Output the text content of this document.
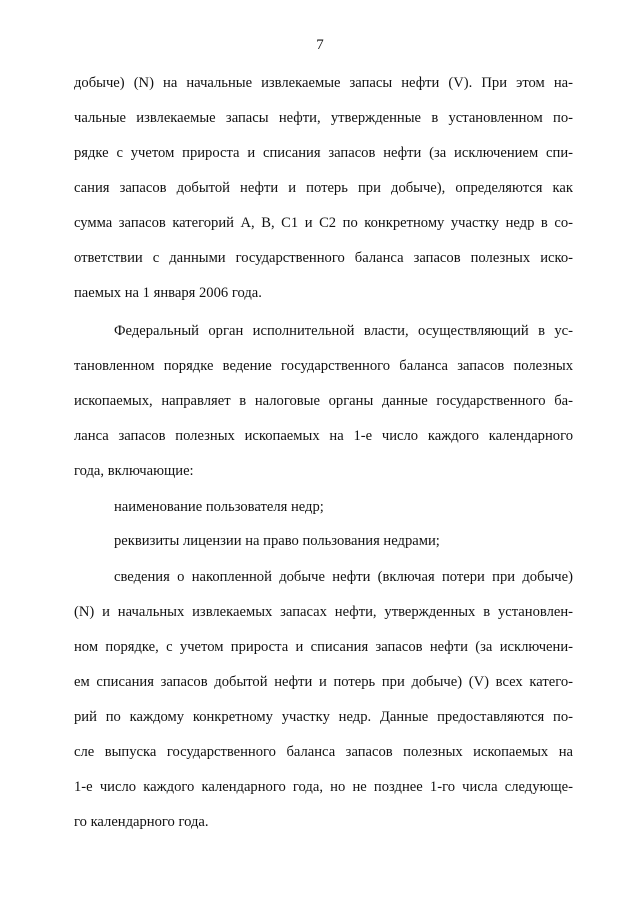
7
добыче) (N) на начальные извлекаемые запасы нефти (V). При этом на-
чальные извлекаемые запасы нефти, утвержденные в установленном по-
рядке с учетом прироста и списания запасов нефти (за исключением спи-
сания запасов добытой нефти и потерь при добыче), определяются как
сумма запасов категорий А, В, С1 и С2 по конкретному участку недр в со-
ответствии с данными государственного баланса запасов полезных иско-
паемых на 1 января 2006 года.
Федеральный орган исполнительной власти, осуществляющий в ус-
тановленном порядке ведение государственного баланса запасов полезных
ископаемых, направляет в налоговые органы данные государственного ба-
ланса запасов полезных ископаемых на 1-е число каждого календарного
года, включающие:
наименование пользователя недр;
реквизиты лицензии на право пользования недрами;
сведения о накопленной добыче нефти (включая потери при добыче)
(N) и начальных извлекаемых запасах нефти, утвержденных в установлен-
ном порядке, с учетом прироста и списания запасов нефти (за исключени-
ем списания запасов добытой нефти и потерь при добыче) (V) всех катего-
рий по каждому конкретному участку недр. Данные предоставляются по-
сле выпуска государственного баланса запасов полезных ископаемых на
1-е число каждого календарного года, но не позднее 1-го числа следующе-
го календарного года.
